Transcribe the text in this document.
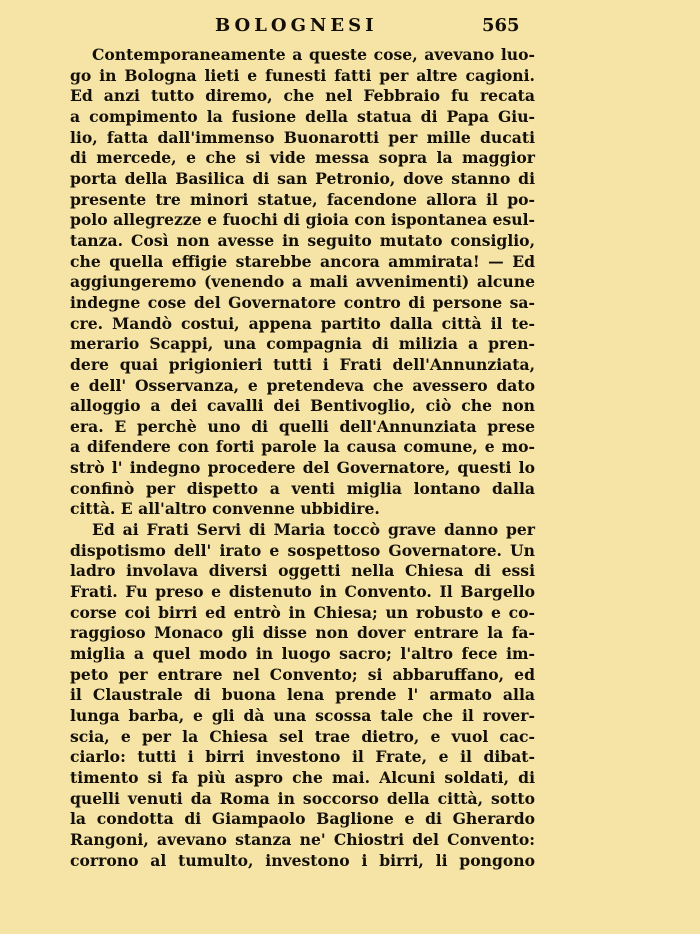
BOLOGNESI	565
Contemporaneamente a queste cose, avevano luo-
go in Bologna lieti e funesti fatti per altre cagioni.
Ed anzi tutto diremo, che nel Febbraio fu recata
a compimento la fusione della statua di Papa Giu-
lio, fatta dall'immenso Buonarotti per mille ducati
di mercede, e che si vide messa sopra la maggior
porta della Basilica di san Petronio, dove stanno di
presente tre minori statue, facendone allora il po-
polo allegrezze e fuochi di gioia con ispontanea esul-
tanza. Così non avesse in seguito mutato consiglio,
che quella effigie starebbe ancora ammirata! — Ed
aggiungeremo (venendo a mali avvenimenti) alcune
indegne cose del Governatore contro di persone sa-
cre. Mandò costui, appena partito dalla città il te-
merario Scappi, una compagnia di milizia a pren-
dere quai prigionieri tutti i Frati dell'Annunziata,
e dell' Osservanza, e pretendeva che avessero dato
alloggio a dei cavalli dei Bentivoglio, ciò che non
era. E perchè uno di quelli dell'Annunziata prese
a difendere con forti parole la causa comune, e mo-
strò l' indegno procedere del Governatore, questi lo
confinò per dispetto a venti miglia lontano dalla
città. E all'altro convenne ubbidire.
Ed ai Frati Servi di Maria toccò grave danno per
dispotismo dell' irato e sospettoso Governatore. Un
ladro involava diversi oggetti nella Chiesa di essi
Frati. Fu preso e distenuto in Convento. Il Bargello
corse coi birri ed entrò in Chiesa; un robusto e co-
raggioso Monaco gli disse non dover entrare la fa-
miglia a quel modo in luogo sacro; l'altro fece im-
peto per entrare nel Convento; si abbaruffano, ed
il Claustrale di buona lena prende l' armato alla
lunga barba, e gli dà una scossa tale che il rover-
scia, e per la Chiesa sel trae dietro, e vuol cac-
ciarlo: tutti i birri investono il Frate, e il dibat-
timento si fa più aspro che mai. Alcuni soldati, di
quelli venuti da Roma in soccorso della città, sotto
la condotta di Giampaolo Baglione e di Gherardo
Rangoni, avevano stanza ne' Chiostri del Convento:
corrono al tumulto, investono i birri, li pongono
